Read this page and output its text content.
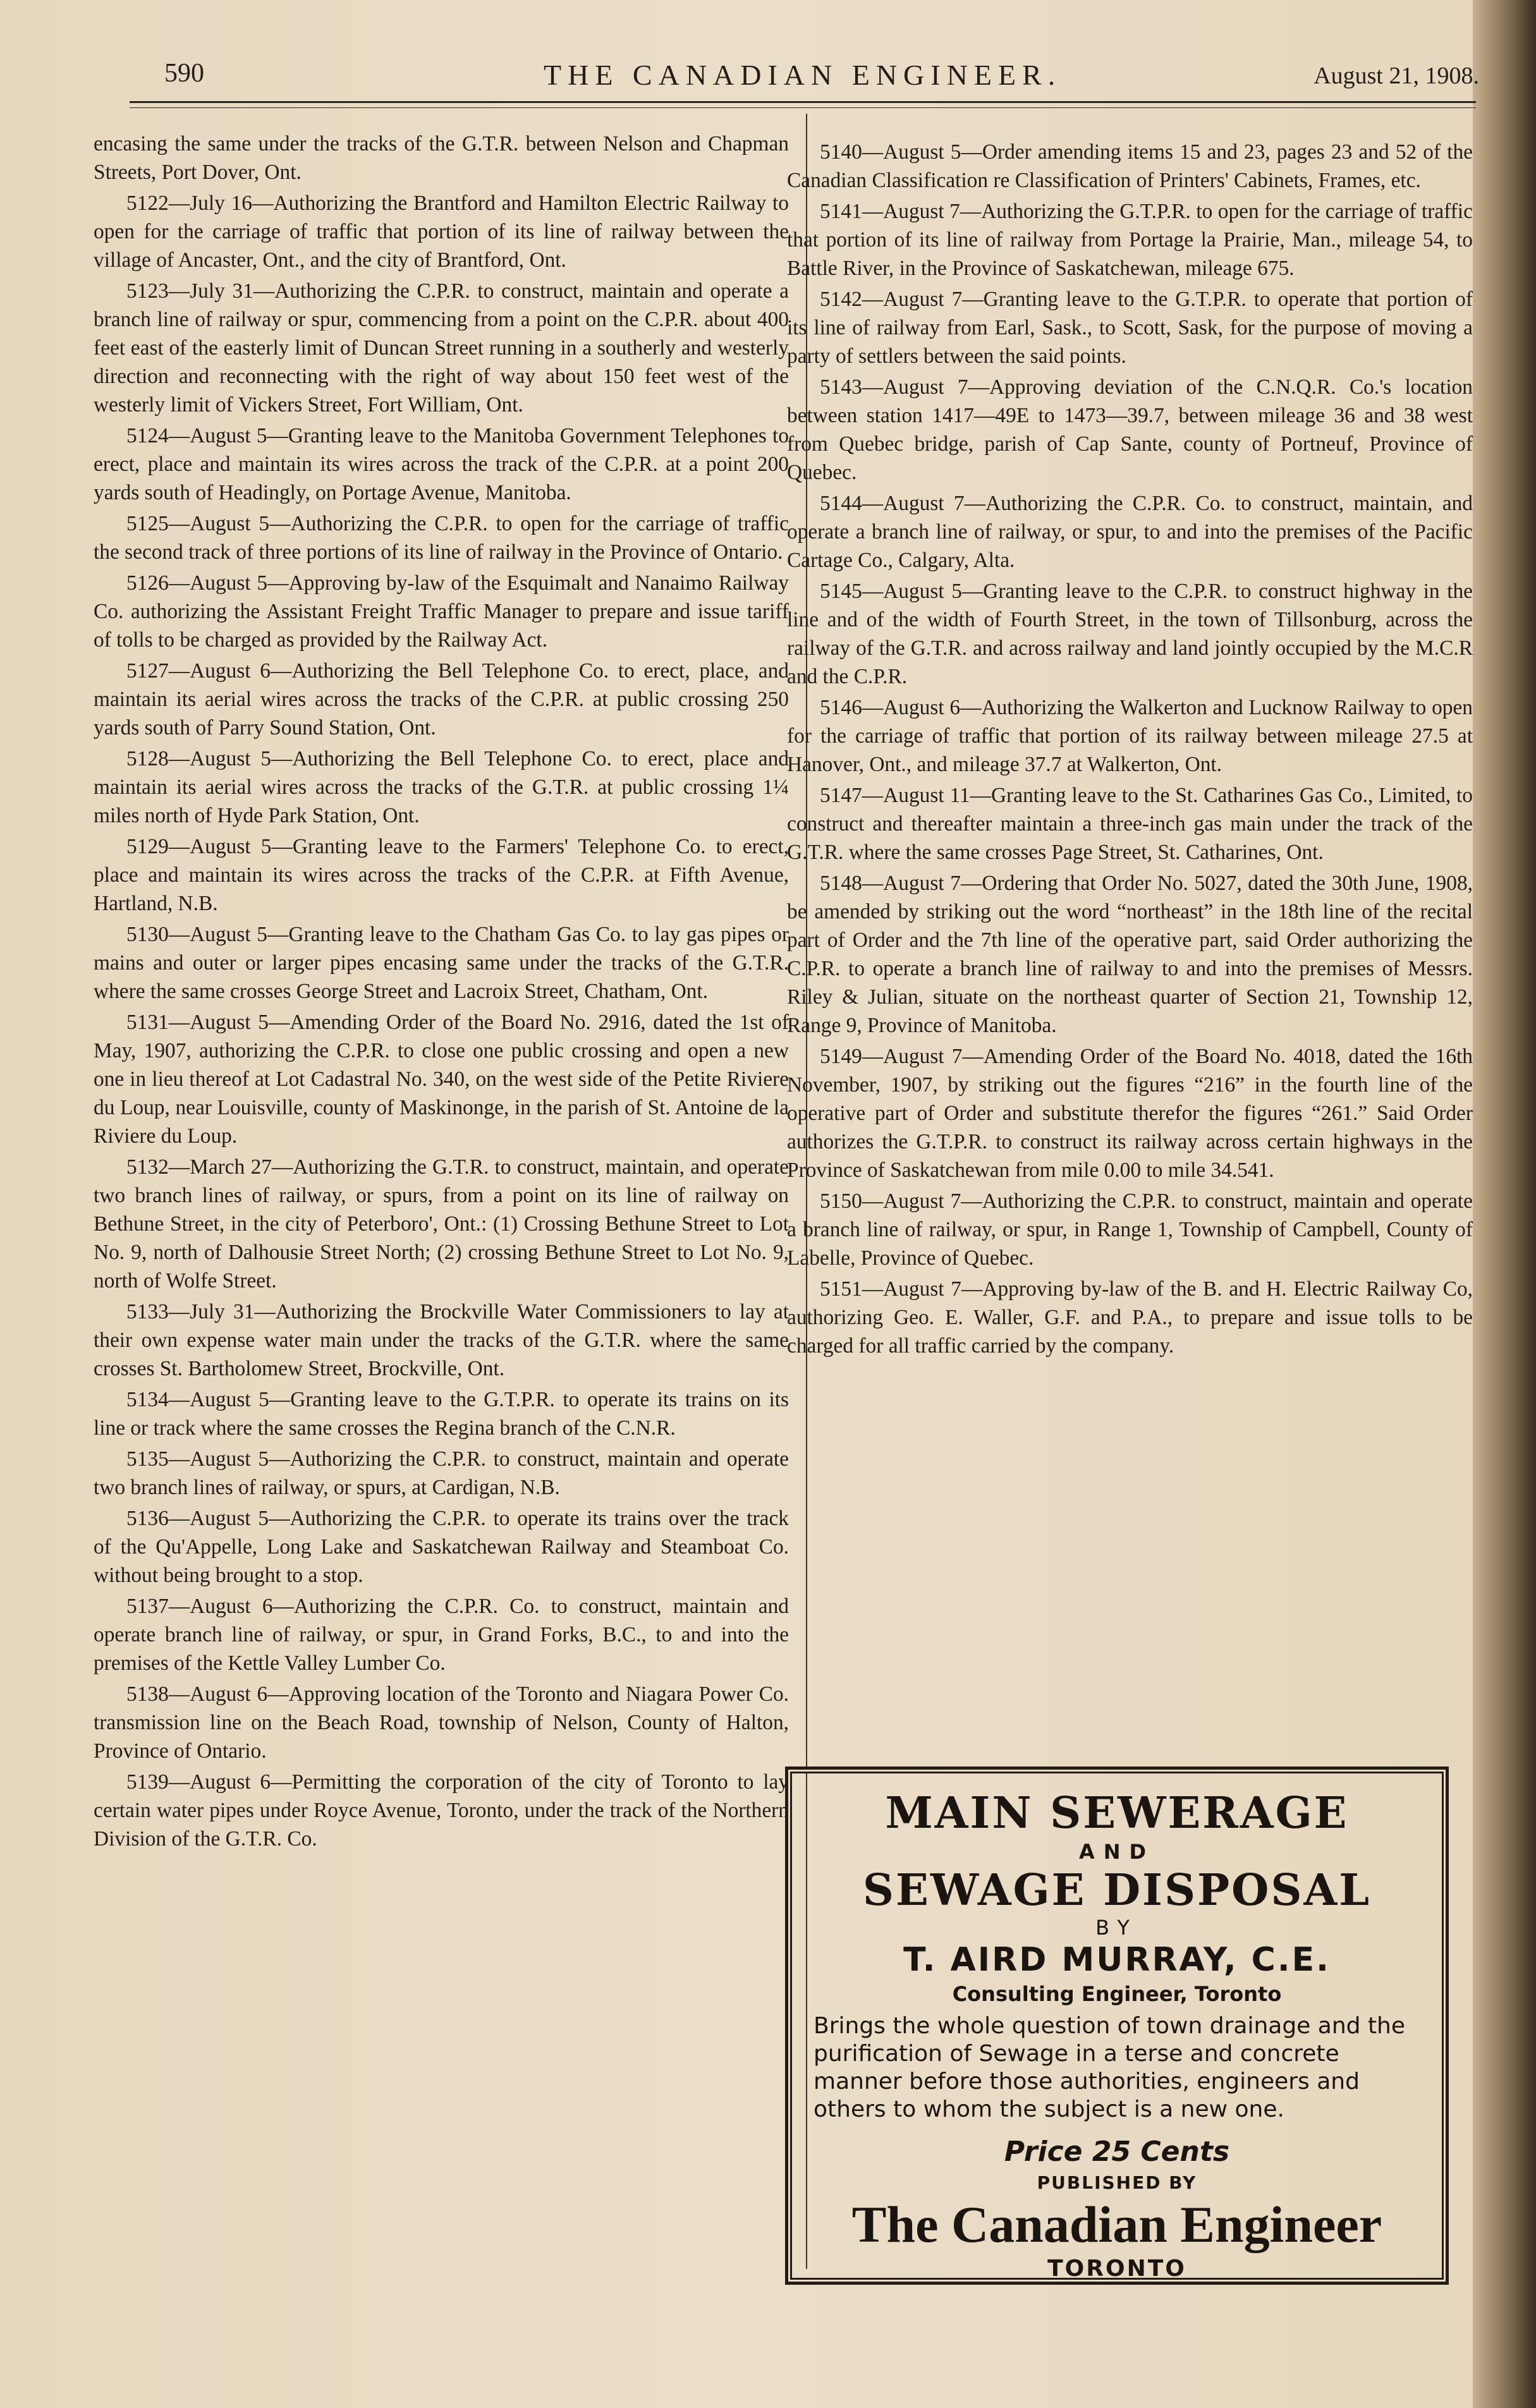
590	THE CANADIAN ENGINEER.	August 21, 1908.

encasing the same under the tracks of the G.T.R. between Nelson and Chapman Streets, Port Dover, Ont.

5122—July 16—Authorizing the Brantford and Hamilton Electric Railway to open for the carriage of traffic that portion of its line of railway between the village of Ancaster, Ont., and the city of Brantford, Ont.

5123—July 31—Authorizing the C.P.R. to construct, maintain and operate a branch line of railway or spur, commencing from a point on the C.P.R. about 400 feet east of the easterly limit of Duncan Street running in a southerly and westerly direction and reconnecting with the right of way about 150 feet west of the westerly limit of Vickers Street, Fort William, Ont.

5124—August 5—Granting leave to the Manitoba Government Telephones to erect, place and maintain its wires across the track of the C.P.R. at a point 200 yards south of Headingly, on Portage Avenue, Manitoba.

5125—August 5—Authorizing the C.P.R. to open for the carriage of traffic the second track of three portions of its line of railway in the Province of Ontario.

5126—August 5—Approving by-law of the Esquimalt and Nanaimo Railway Co. authorizing the Assistant Freight Traffic Manager to prepare and issue tariff of tolls to be charged as provided by the Railway Act.

5127—August 6—Authorizing the Bell Telephone Co. to erect, place, and maintain its aerial wires across the tracks of the C.P.R. at public crossing 250 yards south of Parry Sound Station, Ont.

5128—August 5—Authorizing the Bell Telephone Co. to erect, place and maintain its aerial wires across the tracks of the G.T.R. at public crossing 1¼ miles north of Hyde Park Station, Ont.

5129—August 5—Granting leave to the Farmers' Telephone Co. to erect, place and maintain its wires across the tracks of the C.P.R. at Fifth Avenue, Hartland, N.B.

5130—August 5—Granting leave to the Chatham Gas Co. to lay gas pipes or mains and outer or larger pipes encasing same under the tracks of the G.T.R. where the same crosses George Street and Lacroix Street, Chatham, Ont.

5131—August 5—Amending Order of the Board No. 2916, dated the 1st of May, 1907, authorizing the C.P.R. to close one public crossing and open a new one in lieu thereof at Lot Cadastral No. 340, on the west side of the Petite Riviere du Loup, near Louisville, county of Maskinonge, in the parish of St. Antoine de la Riviere du Loup.

5132—March 27—Authorizing the G.T.R. to construct, maintain, and operate two branch lines of railway, or spurs, from a point on its line of railway on Bethune Street, in the city of Peterboro', Ont.: (1) Crossing Bethune Street to Lot No. 9, north of Dalhousie Street North; (2) crossing Bethune Street to Lot No. 9, north of Wolfe Street.

5133—July 31—Authorizing the Brockville Water Commissioners to lay at their own expense water main under the tracks of the G.T.R. where the same crosses St. Bartholomew Street, Brockville, Ont.

5134—August 5—Granting leave to the G.T.P.R. to operate its trains on its line or track where the same crosses the Regina branch of the C.N.R.

5135—August 5—Authorizing the C.P.R. to construct, maintain and operate two branch lines of railway, or spurs, at Cardigan, N.B.

5136—August 5—Authorizing the C.P.R. to operate its trains over the track of the Qu'Appelle, Long Lake and Saskatchewan Railway and Steamboat Co. without being brought to a stop.

5137—August 6—Authorizing the C.P.R. Co. to construct, maintain and operate branch line of railway, or spur, in Grand Forks, B.C., to and into the premises of the Kettle Valley Lumber Co.

5138—August 6—Approving location of the Toronto and Niagara Power Co. transmission line on the Beach Road, township of Nelson, County of Halton, Province of Ontario.

5139—August 6—Permitting the corporation of the city of Toronto to lay certain water pipes under Royce Avenue, Toronto, under the track of the Northern Division of the G.T.R. Co.

5140—August 5—Order amending items 15 and 23, pages 23 and 52 of the Canadian Classification re Classification of Printers' Cabinets, Frames, etc.

5141—August 7—Authorizing the G.T.P.R. to open for the carriage of traffic that portion of its line of railway from Portage la Prairie, Man., mileage 54, to Battle River, in the Province of Saskatchewan, mileage 675.

5142—August 7—Granting leave to the G.T.P.R. to operate that portion of its line of railway from Earl, Sask., to Scott, Sask, for the purpose of moving a party of settlers between the said points.

5143—August 7—Approving deviation of the C.N.Q.R. Co.'s location between station 1417—49E to 1473—39.7, between mileage 36 and 38 west from Quebec bridge, parish of Cap Sante, county of Portneuf, Province of Quebec.

5144—August 7—Authorizing the C.P.R. Co. to construct, maintain, and operate a branch line of railway, or spur, to and into the premises of the Pacific Cartage Co., Calgary, Alta.

5145—August 5—Granting leave to the C.P.R. to construct highway in the line and of the width of Fourth Street, in the town of Tillsonburg, across the railway of the G.T.R. and across railway and land jointly occupied by the M.C.R and the C.P.R.

5146—August 6—Authorizing the Walkerton and Lucknow Railway to open for the carriage of traffic that portion of its railway between mileage 27.5 at Hanover, Ont., and mileage 37.7 at Walkerton, Ont.

5147—August 11—Granting leave to the St. Catharines Gas Co., Limited, to construct and thereafter maintain a three-inch gas main under the track of the G.T.R. where the same crosses Page Street, St. Catharines, Ont.

5148—August 7—Ordering that Order No. 5027, dated the 30th June, 1908, be amended by striking out the word “northeast” in the 18th line of the recital part of Order and the 7th line of the operative part, said Order authorizing the C.P.R. to operate a branch line of railway to and into the premises of Messrs. Riley & Julian, situate on the northeast quarter of Section 21, Township 12, Range 9, Province of Manitoba.

5149—August 7—Amending Order of the Board No. 4018, dated the 16th November, 1907, by striking out the figures “216” in the fourth line of the operative part of Order and substitute therefor the figures “261.” Said Order authorizes the G.T.P.R. to construct its railway across certain highways in the Province of Saskatchewan from mile 0.00 to mile 34.541.

5150—August 7—Authorizing the C.P.R. to construct, maintain and operate a branch line of railway, or spur, in Range 1, Township of Campbell, County of Labelle, Province of Quebec.

5151—August 7—Approving by-law of the B. and H. Electric Railway Co, authorizing Geo. E. Waller, G.F. and P.A., to prepare and issue tolls to be charged for all traffic carried by the company.

MAIN SEWERAGE
AND
SEWAGE DISPOSAL
BY
T. AIRD MURRAY, C.E.
Consulting Engineer, Toronto
Brings the whole question of town drainage and the purification of Sewage in a terse and concrete manner before those authorities, engineers and others to whom the subject is a new one.
Price 25 Cents
PUBLISHED BY
The Canadian Engineer
TORONTO
